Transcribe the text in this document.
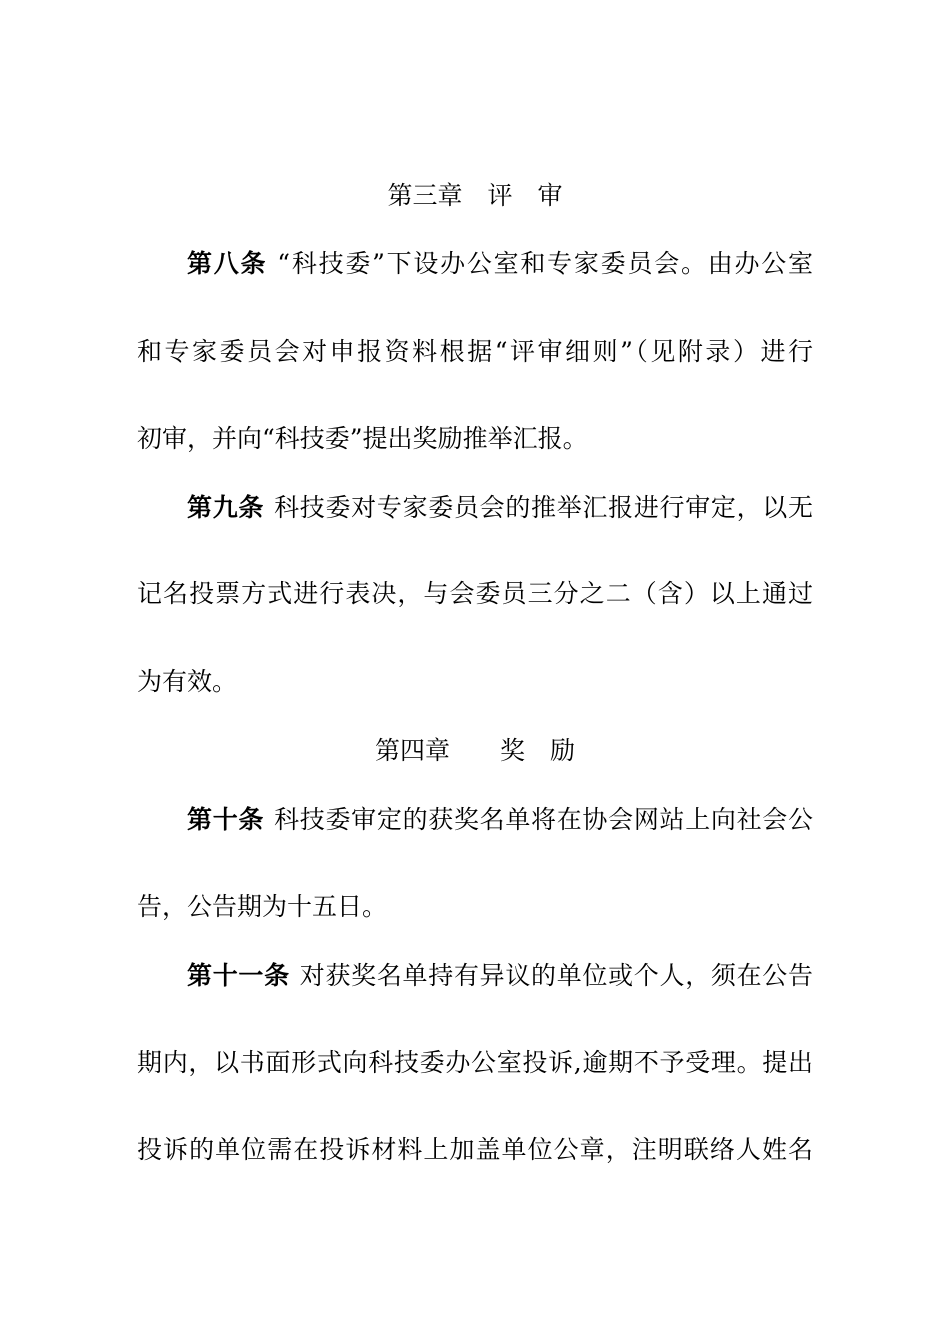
第三章　评　审
第八条 “科技委”下设办公室和专家委员会。由办公室
和专家委员会对申报资料根据“评审细则”（见附录）进行
初审，并向“科技委”提出奖励推举汇报。
第九条 科技委对专家委员会的推举汇报进行审定，以无
记名投票方式进行表决，与会委员三分之二（含）以上通过
为有效。
第四章　　奖　励
第十条 科技委审定的获奖名单将在协会网站上向社会公
告，公告期为十五日。
第十一条 对获奖名单持有异议的单位或个人，须在公告
期内，以书面形式向科技委办公室投诉,逾期不予受理。提出
投诉的单位需在投诉材料上加盖单位公章，注明联络人姓名
